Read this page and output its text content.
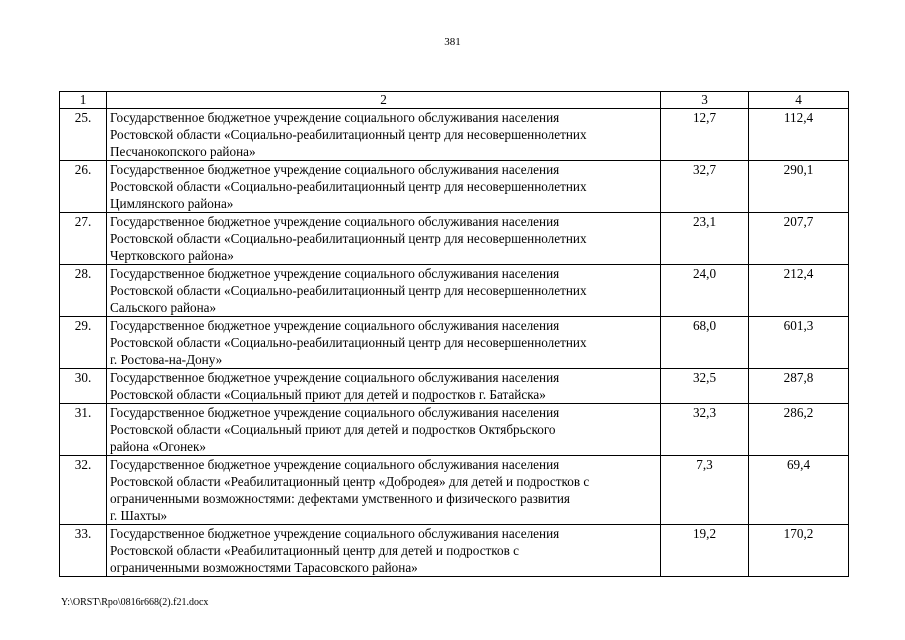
381
1	2	3	4
25.	Государственное бюджетное учреждение социального обслуживания населения
Ростовской области «Социально-реабилитационный центр для несовершеннолетних
Песчанокопского района»	12,7	112,4
26.	Государственное бюджетное учреждение социального обслуживания населения
Ростовской области «Социально-реабилитационный центр для несовершеннолетних
Цимлянского района»	32,7	290,1
27.	Государственное бюджетное учреждение социального обслуживания населения
Ростовской области «Социально-реабилитационный центр для несовершеннолетних
Чертковского района»	23,1	207,7
28.	Государственное бюджетное учреждение социального обслуживания населения
Ростовской области «Социально-реабилитационный центр для несовершеннолетних
Сальского района»	24,0	212,4
29.	Государственное бюджетное учреждение социального обслуживания населения
Ростовской области «Социально-реабилитационный центр для несовершеннолетних
г. Ростова-на-Дону»	68,0	601,3
30.	Государственное бюджетное учреждение социального обслуживания населения
Ростовской области «Социальный приют для детей и подростков г. Батайска»	32,5	287,8
31.	Государственное бюджетное учреждение социального обслуживания населения
Ростовской области «Социальный приют для детей и подростков Октябрьского
района «Огонек»	32,3	286,2
32.	Государственное бюджетное учреждение социального обслуживания населения
Ростовской области «Реабилитационный центр «Добродея» для детей и подростков с
ограниченными возможностями: дефектами умственного и физического развития
г. Шахты»	7,3	69,4
33.	Государственное бюджетное учреждение социального обслуживания населения
Ростовской области «Реабилитационный центр для детей и подростков с
ограниченными возможностями Тарасовского района»	19,2	170,2
Y:\ORST\Rpo\0816r668(2).f21.docx
